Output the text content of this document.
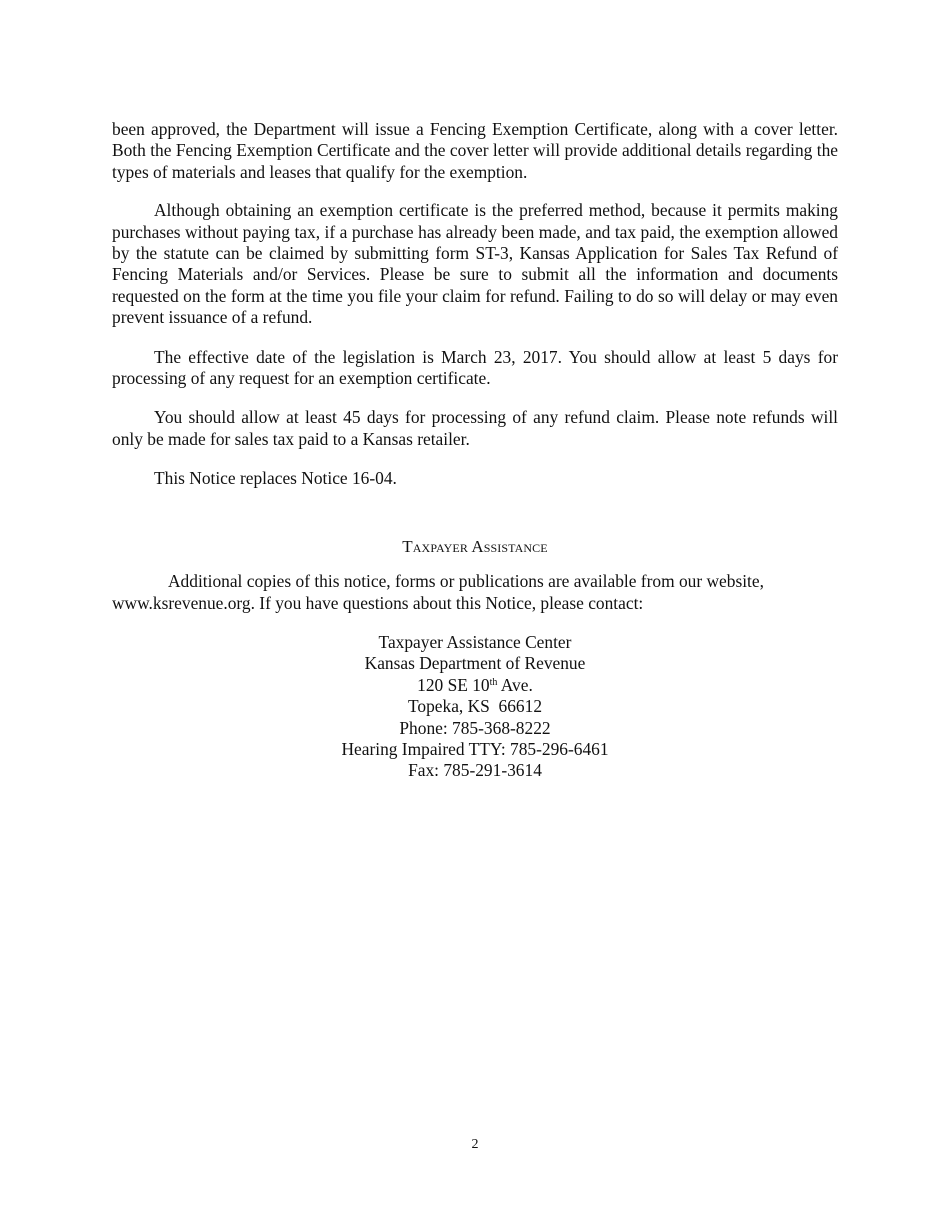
been approved, the Department will issue a Fencing Exemption Certificate, along with a cover letter. Both the Fencing Exemption Certificate and the cover letter will provide additional details regarding the types of materials and leases that qualify for the exemption.

Although obtaining an exemption certificate is the preferred method, because it permits making purchases without paying tax, if a purchase has already been made, and tax paid, the exemption allowed by the statute can be claimed by submitting form ST-3, Kansas Application for Sales Tax Refund of Fencing Materials and/or Services. Please be sure to submit all the information and documents requested on the form at the time you file your claim for refund. Failing to do so will delay or may even prevent issuance of a refund.

The effective date of the legislation is March 23, 2017. You should allow at least 5 days for processing of any request for an exemption certificate.

You should allow at least 45 days for processing of any refund claim. Please note refunds will only be made for sales tax paid to a Kansas retailer.

This Notice replaces Notice 16-04.

Taxpayer Assistance

Additional copies of this notice, forms or publications are available from our website, www.ksrevenue.org. If you have questions about this Notice, please contact:

Taxpayer Assistance Center
Kansas Department of Revenue
120 SE 10th Ave.
Topeka, KS  66612
Phone: 785-368-8222
Hearing Impaired TTY: 785-296-6461
Fax: 785-291-3614
2
